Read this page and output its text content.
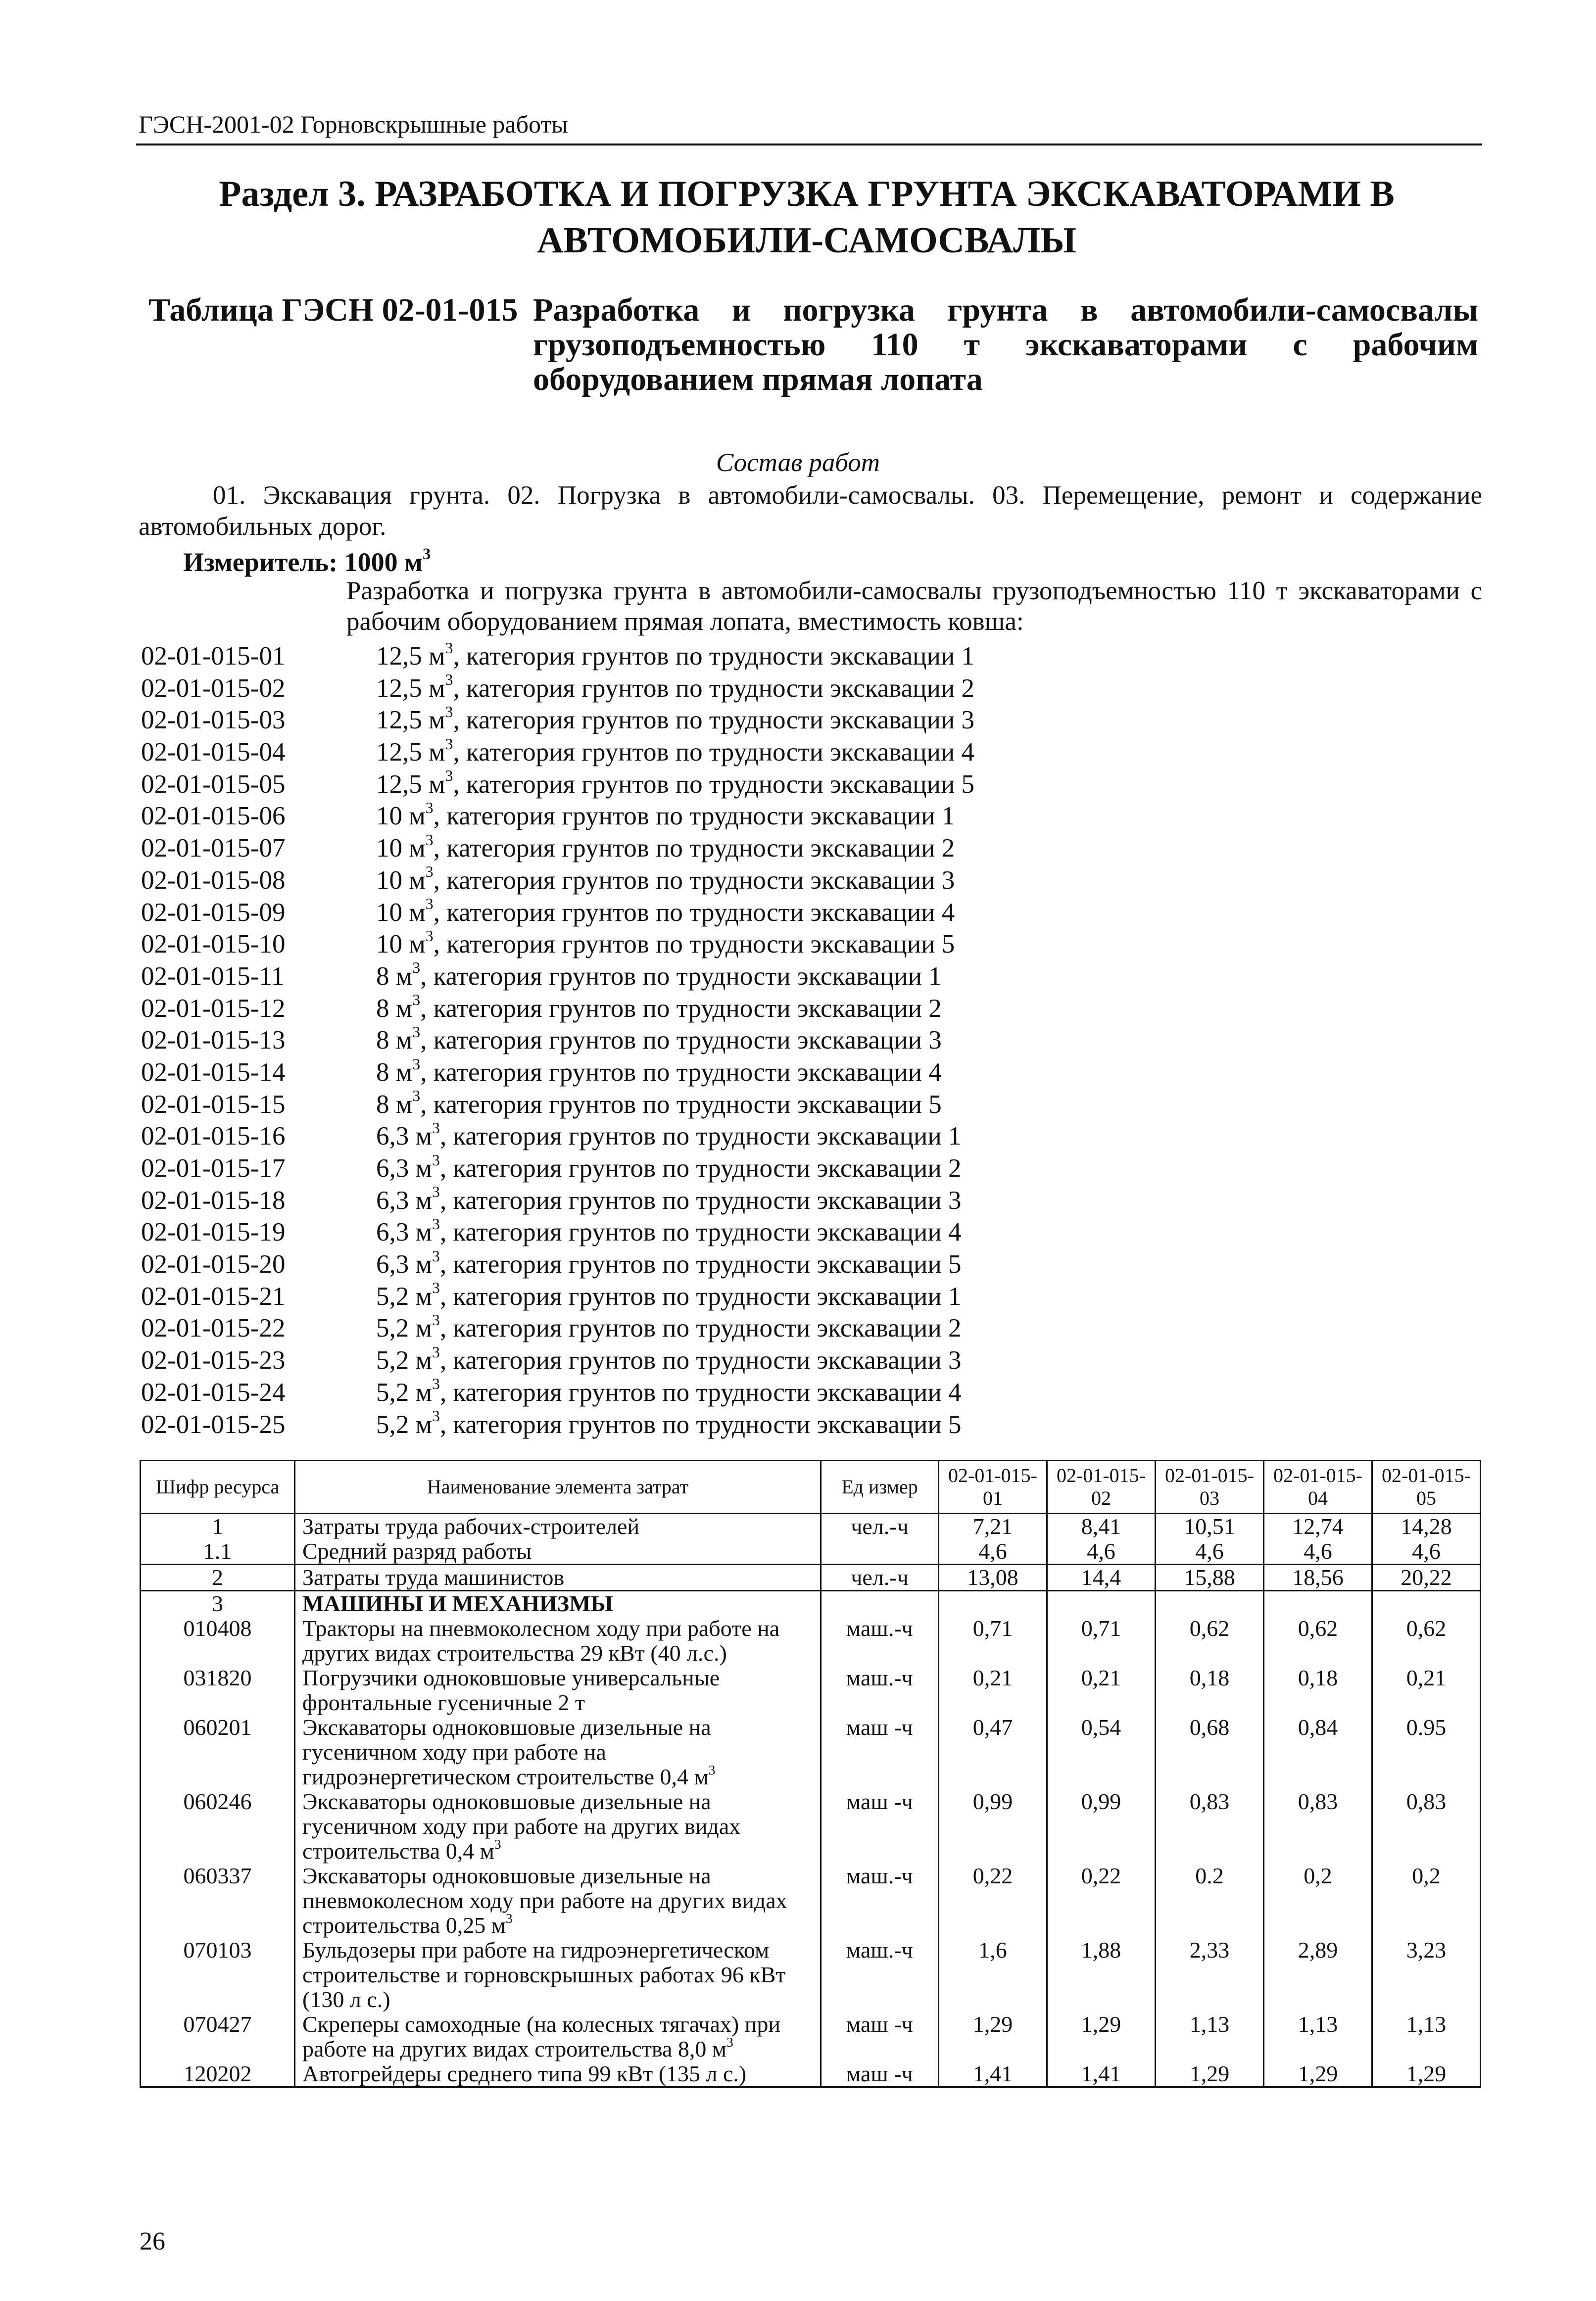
ГЭСН-2001-02 Горновскрышные работы
Раздел 3. РАЗРАБОТКА И ПОГРУЗКА ГРУНТА ЭКСКАВАТОРАМИ В
АВТОМОБИЛИ-САМОСВАЛЫ
Таблица ГЭСН 02-01-015 Разработка и погрузка грунта в автомобили-самосвалы грузоподъемностью 110 т экскаваторами с рабочим оборудованием прямая лопата
Состав работ
01. Экскавация грунта. 02. Погрузка в автомобили-самосвалы. 03. Перемещение, ремонт и содержание автомобильных дорог.
Измеритель: 1000 $м^3$
Разработка и погрузка грунта в автомобили-самосвалы грузоподъемностью 110 т экскаваторами с рабочим оборудованием прямая лопата, вместимость ковша:
02-01-015-01	12,5 $м^3$, категория грунтов по трудности экскавации 1
02-01-015-02	12,5 $м^3$, категория грунтов по трудности экскавации 2
02-01-015-03	12,5 $м^3$, категория грунтов по трудности экскавации 3
02-01-015-04	12,5 $м^3$, категория грунтов по трудности экскавации 4
02-01-015-05	12,5 $м^3$, категория грунтов по трудности экскавации 5
02-01-015-06	10 $м^3$, категория грунтов по трудности экскавации 1
02-01-015-07	10 $м^3$, категория грунтов по трудности экскавации 2
02-01-015-08	10 $м^3$, категория грунтов по трудности экскавации 3
02-01-015-09	10 $м^3$, категория грунтов по трудности экскавации 4
02-01-015-10	10 $м^3$, категория грунтов по трудности экскавации 5
02-01-015-11	8 $м^3$, категория грунтов по трудности экскавации 1
02-01-015-12	8 $м^3$, категория грунтов по трудности экскавации 2
02-01-015-13	8 $м^3$, категория грунтов по трудности экскавации 3
02-01-015-14	8 $м^3$, категория грунтов по трудности экскавации 4
02-01-015-15	8 $м^3$, категория грунтов по трудности экскавации 5
02-01-015-16	6,3 $м^3$, категория грунтов по трудности экскавации 1
02-01-015-17	6,3 $м^3$, категория грунтов по трудности экскавации 2
02-01-015-18	6,3 $м^3$, категория грунтов по трудности экскавации 3
02-01-015-19	6,3 $м^3$, категория грунтов по трудности экскавации 4
02-01-015-20	6,3 $м^3$, категория грунтов по трудности экскавации 5
02-01-015-21	5,2 $м^3$, категория грунтов по трудности экскавации 1
02-01-015-22	5,2 $м^3$, категория грунтов по трудности экскавации 2
02-01-015-23	5,2 $м^3$, категория грунтов по трудности экскавации 3
02-01-015-24	5,2 $м^3$, категория грунтов по трудности экскавации 4
02-01-015-25	5,2 $м^3$, категория грунтов по трудности экскавации 5
Шифр ресурса	Наименование элемента затрат	Ед измер	02-01-015-01	02-01-015-02	02-01-015-03	02-01-015-04	02-01-015-05
1	Затраты труда рабочих-строителей	чел.-ч	7,21	8,41	10,51	12,74	14,28
1.1	Средний разряд работы		4,6	4,6	4,6	4,6	4,6
2	Затраты труда машинистов	чел.-ч	13,08	14,4	15,88	18,56	20,22
3	МАШИНЫ И МЕХАНИЗМЫ						
010408	Тракторы на пневмоколесном ходу при работе на других видах строительства 29 кВт (40 л.с.)	маш.-ч	0,71	0,71	0,62	0,62	0,62
031820	Погрузчики одноковшовые универсальные фронтальные гусеничные 2 т	маш.-ч	0,21	0,21	0,18	0,18	0,21
060201	Экскаваторы одноковшовые дизельные на гусеничном ходу при работе на гидроэнергетическом строительстве 0,4 $м^3$	маш -ч	0,47	0,54	0,68	0,84	0.95
060246	Экскаваторы одноковшовые дизельные на гусеничном ходу при работе на других видах строительства 0,4 $м^3$	маш -ч	0,99	0,99	0,83	0,83	0,83
060337	Экскаваторы одноковшовые дизельные на пневмоколесном ходу при работе на других видах строительства 0,25 $м^3$	маш.-ч	0,22	0,22	0.2	0,2	0,2
070103	Бульдозеры при работе на гидроэнергетическом строительстве и горновскрышных работах 96 кВт (130 л с.)	маш.-ч	1,6	1,88	2,33	2,89	3,23
070427	Скреперы самоходные (на колесных тягачах) при работе на других видах строительства 8,0 $м^3$	маш -ч	1,29	1,29	1,13	1,13	1,13
120202	Автогрейдеры среднего типа 99 кВт (135 л с.)	маш -ч	1,41	1,41	1,29	1,29	1,29
26
